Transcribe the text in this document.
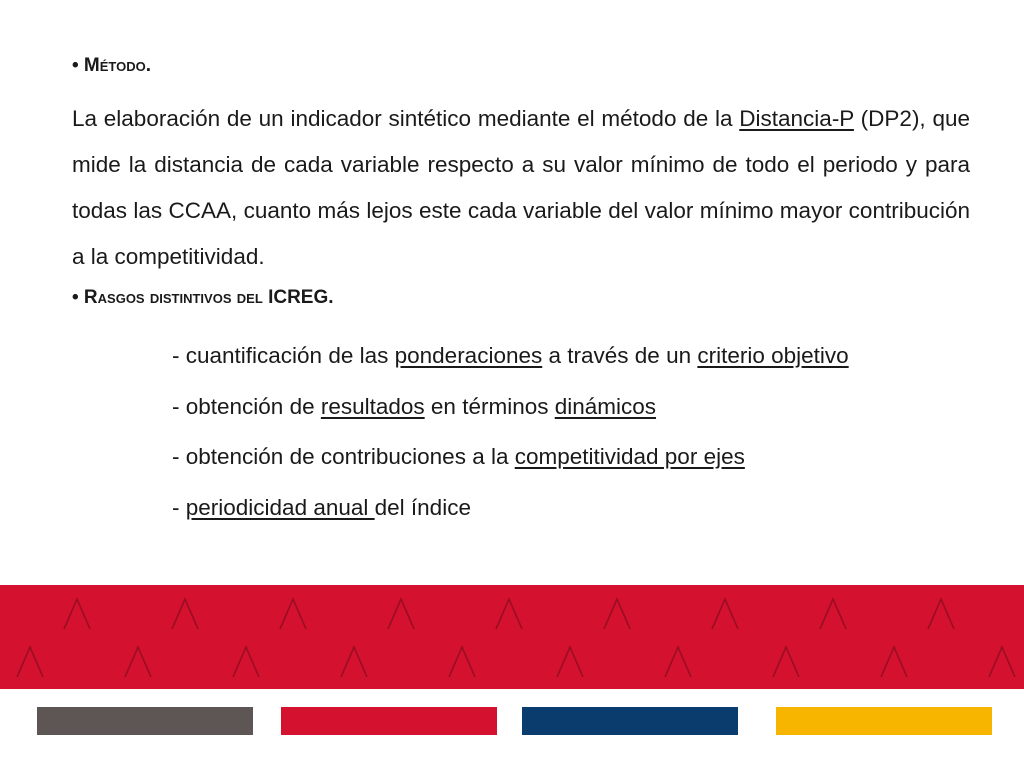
• Método.
La elaboración de un indicador sintético mediante el método de la Distancia-P (DP2), que mide la distancia de cada variable respecto a su valor mínimo de todo el periodo y para todas las CCAA, cuanto más lejos este cada variable del valor mínimo mayor contribución a la competitividad.
• Rasgos distintivos del ICREG.
- cuantificación de las ponderaciones a través de un criterio objetivo
- obtención de resultados en términos dinámicos
- obtención de contribuciones a la competitividad por ejes
- periodicidad anual del índice
